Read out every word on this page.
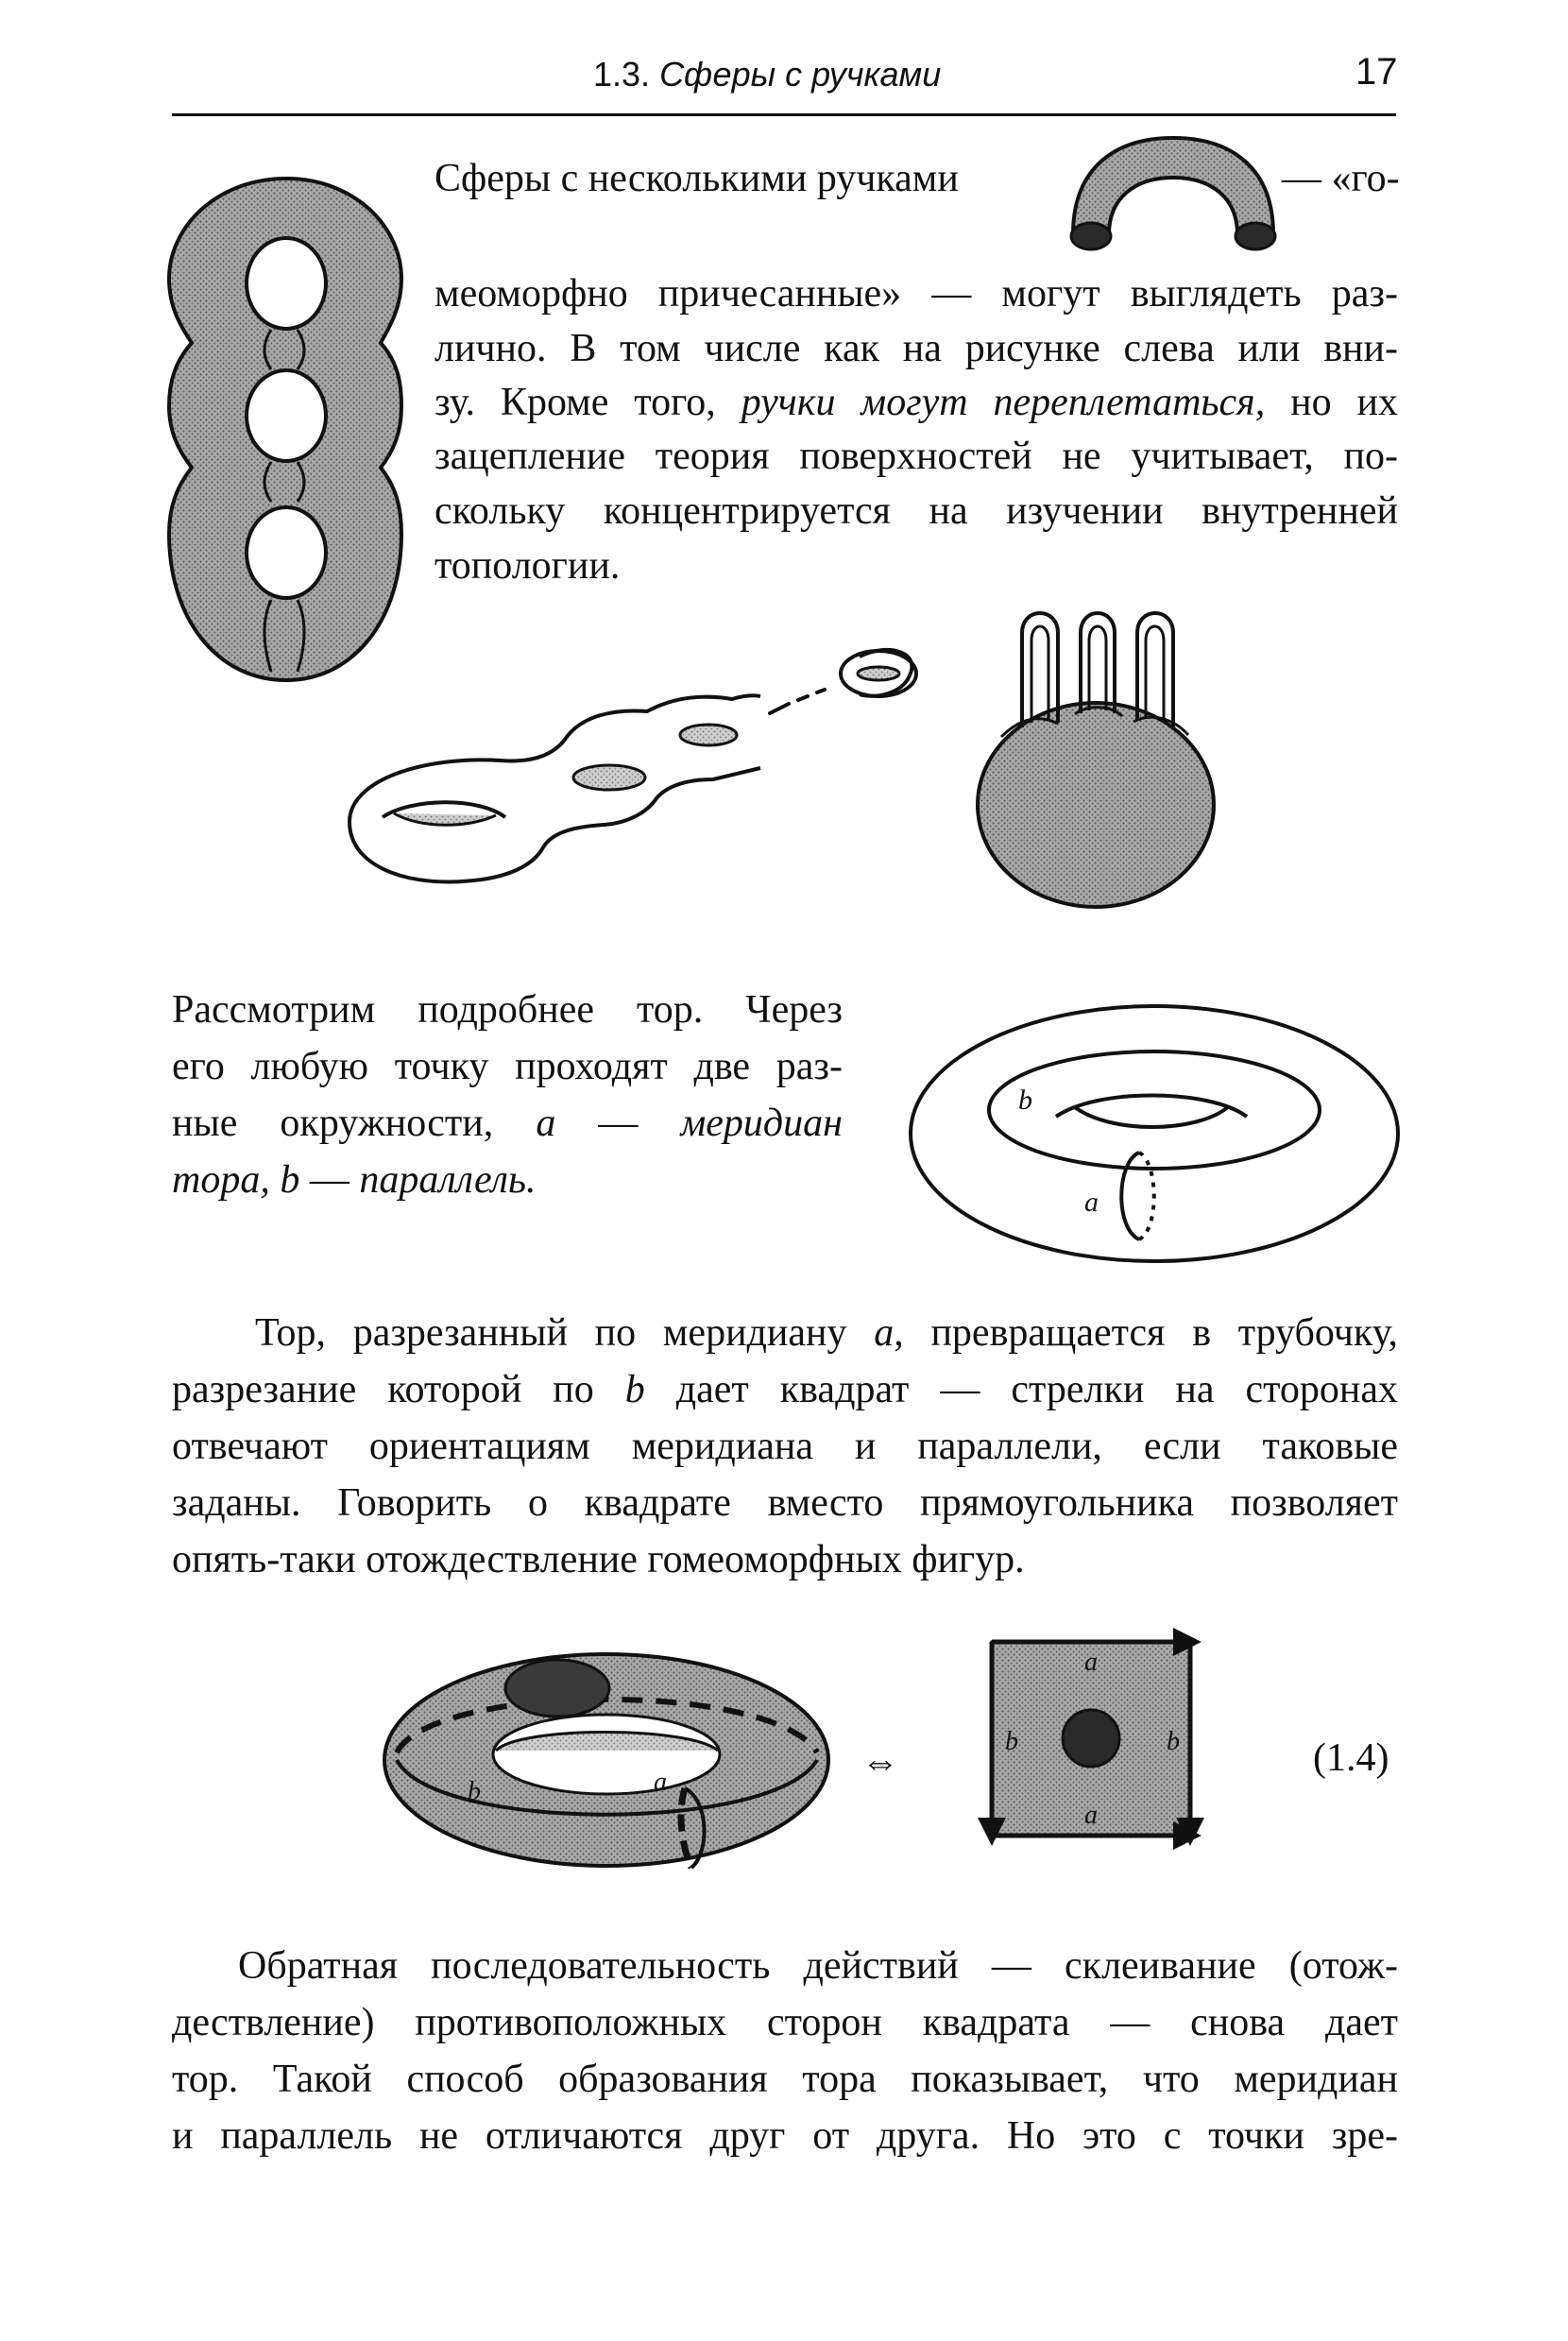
1.3. Сферы с ручками	17
Сферы с несколькими ручками	— «го-
меоморфно причесанные» — могут выглядеть раз-
лично. В том числе как на рисунке слева или вни-
зу. Кроме того, ручки могут переплетаться, но их
зацепление теория поверхностей не учитывает, по-
скольку концентрируется на изучении внутренней
топологии.
Рассмотрим подробнее тор. Через
его любую точку проходят две раз-
ные окружности, a — меридиан
тора, b — параллель.
b
a
Тор, разрезанный по меридиану a, превращается в трубочку,
разрезание которой по b дает квадрат — стрелки на сторонах
отвечают ориентациям меридиана и параллели, если таковые
заданы. Говорить о квадрате вместо прямоугольника позволяет
опять-таки отождествление гомеоморфных фигур.
a
b
⇔
a
a
b	b	(1.4)
Обратная последовательность действий — склеивание (отож-
дествление) противоположных сторон квадрата — снова дает
тор. Такой способ образования тора показывает, что меридиан
и параллель не отличаются друг от друга. Но это с точки зре-
